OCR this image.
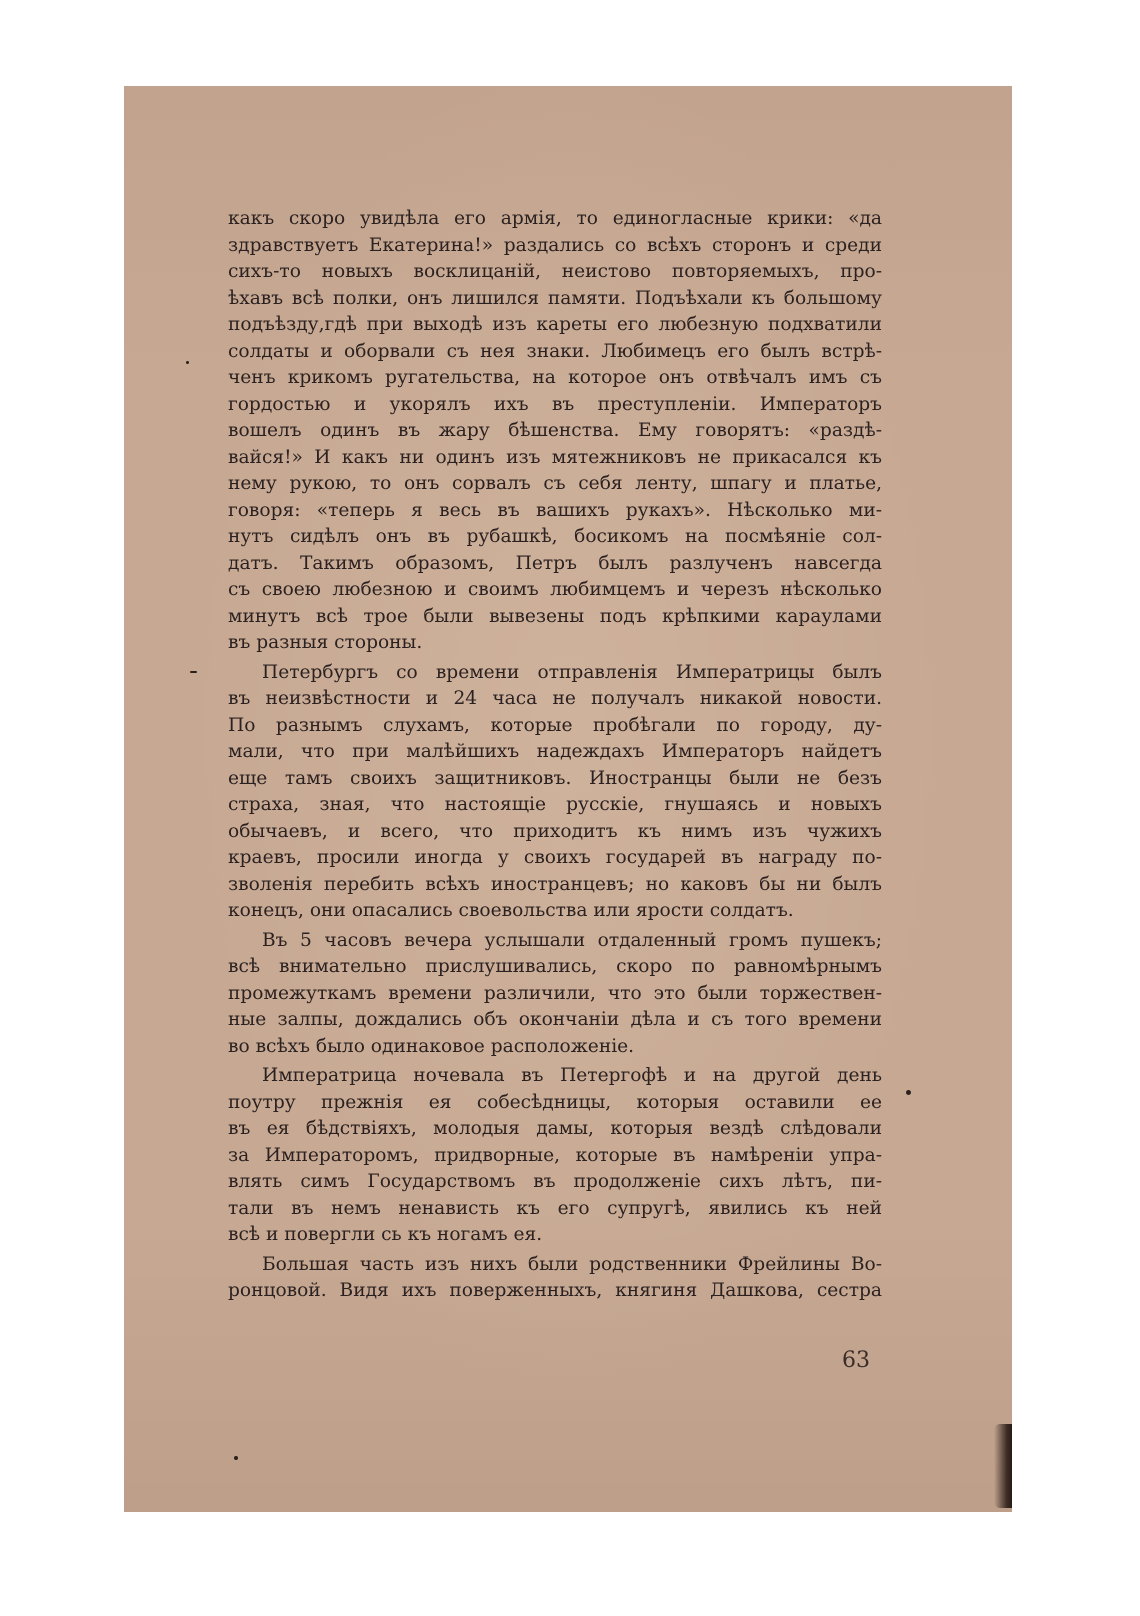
какъ скоро увидѣла его армія, то единогласные крики: «да
здравствуетъ Екатерина!» раздались со всѣхъ сторонъ и среди
сихъ-то новыхъ восклицаній, неистово повторяемыхъ, про-
ѣхавъ всѣ полки, онъ лишился памяти. Подъѣхали къ большому
подъѣзду,гдѣ при выходѣ изъ кареты его любезную подхватили
солдаты и оборвали съ нея знаки. Любимецъ его былъ встрѣ-
ченъ крикомъ ругательства, на которое онъ отвѣчалъ имъ съ
гордостью и укорялъ ихъ въ преступленіи. Императоръ
вошелъ одинъ въ жару бѣшенства. Ему говорятъ: «раздѣ-
вайся!» И какъ ни одинъ изъ мятежниковъ не прикасался къ
нему рукою, то онъ сорвалъ съ себя ленту, шпагу и платье,
говоря: «теперь я весь въ вашихъ рукахъ». Нѣсколько ми-
нутъ сидѣлъ онъ въ рубашкѣ, босикомъ на посмѣяніе сол-
датъ. Такимъ образомъ, Петръ былъ разлученъ навсегда
съ своею любезною и своимъ любимцемъ и черезъ нѣсколько
минутъ всѣ трое были вывезены подъ крѣпкими караулами
въ разныя стороны.
Петербургъ со времени отправленія Императрицы былъ
въ неизвѣстности и 24 часа не получалъ никакой новости.
По разнымъ слухамъ, которые пробѣгали по городу, ду-
мали, что при малѣйшихъ надеждахъ Императоръ найдетъ
еще тамъ своихъ защитниковъ. Иностранцы были не безъ
страха, зная, что настоящіе русскіе, гнушаясь и новыхъ
обычаевъ, и всего, что приходитъ къ нимъ изъ чужихъ
краевъ, просили иногда у своихъ государей въ награду по-
зволенія перебить всѣхъ иностранцевъ; но каковъ бы ни былъ
конецъ, они опасались своевольства или ярости солдатъ.
Въ 5 часовъ вечера услышали отдаленный громъ пушекъ;
всѣ внимательно прислушивались, скоро по равномѣрнымъ
промежуткамъ времени различили, что это были торжествен-
ные залпы, дождались объ окончаніи дѣла и съ того времени
во всѣхъ было одинаковое расположеніе.
Императрица ночевала въ Петергофѣ и на другой день
поутру прежнія ея собесѣдницы, которыя оставили ее
въ ея бѣдствіяхъ, молодыя дамы, которыя вездѣ слѣдовали
за Императоромъ, придворные, которые въ намѣреніи упра-
влять симъ Государствомъ въ продолженіе сихъ лѣтъ, пи-
тали въ немъ ненависть къ его супругѣ, явились къ ней
всѣ и повергли сь къ ногамъ ея.
Большая часть изъ нихъ были родственники Фрейлины Во-
ронцовой. Видя ихъ поверженныхъ, княгиня Дашкова, сестра
63
